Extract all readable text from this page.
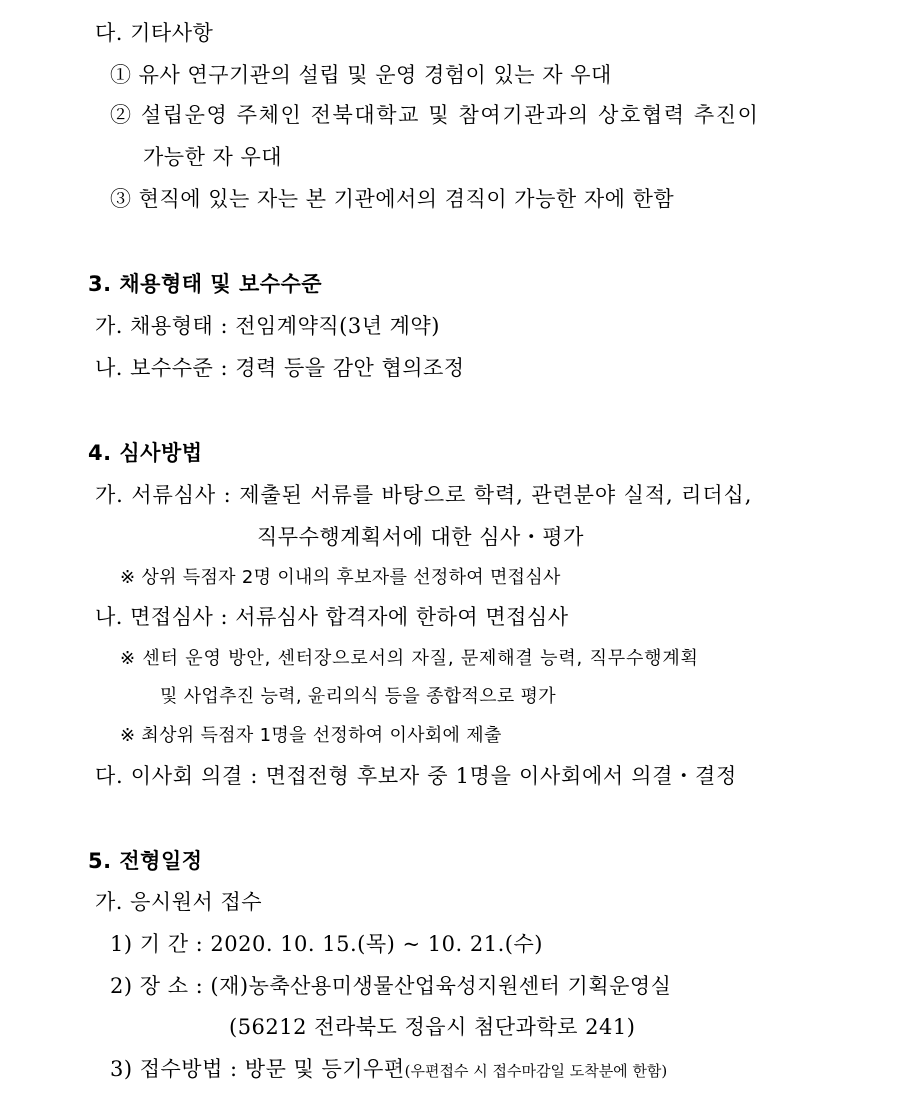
다. 기타사항
① 유사 연구기관의 설립 및 운영 경험이 있는 자 우대
② 설립운영 주체인 전북대학교 및 참여기관과의 상호협력 추진이
가능한 자 우대
③ 현직에 있는 자는 본 기관에서의 겸직이 가능한 자에 한함
3. 채용형태 및 보수수준
가. 채용형태 : 전임계약직(3년 계약)
나. 보수수준 : 경력 등을 감안 협의조정
4. 심사방법
가. 서류심사 : 제출된 서류를 바탕으로 학력, 관련분야 실적, 리더십,
직무수행계획서에 대한 심사・평가
※ 상위 득점자 2명 이내의 후보자를 선정하여 면접심사
나. 면접심사 : 서류심사 합격자에 한하여 면접심사
※ 센터 운영 방안, 센터장으로서의 자질, 문제해결 능력, 직무수행계획
및 사업추진 능력, 윤리의식 등을 종합적으로 평가
※ 최상위 득점자 1명을 선정하여 이사회에 제출
다. 이사회 의결 : 면접전형 후보자 중 1명을 이사회에서 의결・결정
5. 전형일정
가. 응시원서 접수
1) 기 간 : 2020. 10. 15.(목) ~ 10. 21.(수)
2) 장 소 : (재)농축산용미생물산업육성지원센터 기획운영실
(56212 전라북도 정읍시 첨단과학로 241)
3) 접수방법 : 방문 및 등기우편(우편접수 시 접수마감일 도착분에 한함)
